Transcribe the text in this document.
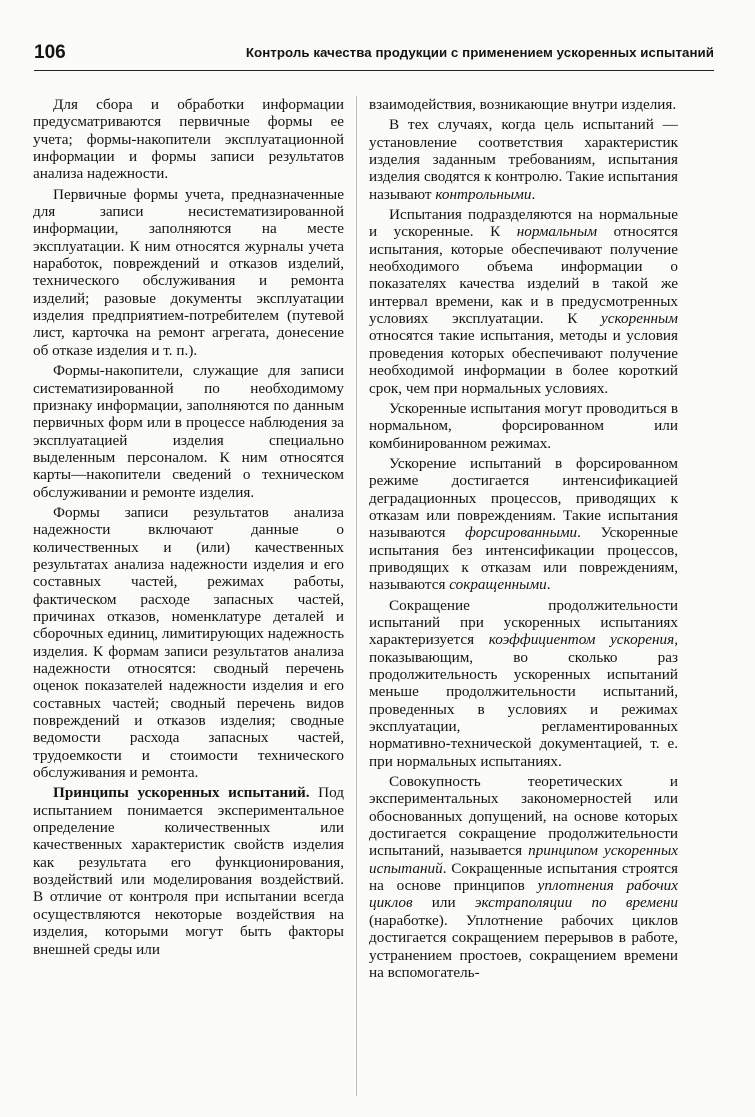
106	Контроль качества продукции с применением ускоренных испытаний

Для сбора и обработки информации предусматриваются первичные формы ее учета; формы-накопители эксплуатационной информации и формы записи результатов анализа надежности.

Первичные формы учета, предназначенные для записи несистематизированной информации, заполняются на месте эксплуатации. К ним относятся журналы учета наработок, повреждений и отказов изделий, технического обслуживания и ремонта изделий; разовые документы эксплуатации изделия предприятием-потребителем (путевой лист, карточка на ремонт агрегата, донесение об отказе изделия и т. п.).

Формы-накопители, служащие для записи систематизированной по необходимому признаку информации, заполняются по данным первичных форм или в процессе наблюдения за эксплуатацией изделия специально выделенным персоналом. К ним относятся карты—накопители сведений о техническом обслуживании и ремонте изделия.

Формы записи результатов анализа надежности включают данные о количественных и (или) качественных результатах анализа надежности изделия и его составных частей, режимах работы, фактическом расходе запасных частей, причинах отказов, номенклатуре деталей и сборочных единиц, лимитирующих надежность изделия. К формам записи результатов анализа надежности относятся: сводный перечень оценок показателей надежности изделия и его составных частей; сводный перечень видов повреждений и отказов изделия; сводные ведомости расхода запасных частей, трудоемкости и стоимости технического обслуживания и ремонта.

Принципы ускоренных испытаний. Под испытанием понимается экспериментальное определение количественных или качественных характеристик свойств изделия как результата его функционирования, воздействий или моделирования воздействий. В отличие от контроля при испытании всегда осуществляются некоторые воздействия на изделия, которыми могут быть факторы внешней среды или

взаимодействия, возникающие внутри изделия.

В тех случаях, когда цель испытаний — установление соответствия характеристик изделия заданным требованиям, испытания изделия сводятся к контролю. Такие испытания называют контрольными.

Испытания подразделяются на нормальные и ускоренные. К нормальным относятся испытания, которые обеспечивают получение необходимого объема информации о показателях качества изделий в такой же интервал времени, как и в предусмотренных условиях эксплуатации. К ускоренным относятся такие испытания, методы и условия проведения которых обеспечивают получение необходимой информации в более короткий срок, чем при нормальных условиях.

Ускоренные испытания могут проводиться в нормальном, форсированном или комбинированном режимах.

Ускорение испытаний в форсированном режиме достигается интенсификацией деградационных процессов, приводящих к отказам или повреждениям. Такие испытания называются форсированными. Ускоренные испытания без интенсификации процессов, приводящих к отказам или повреждениям, называются сокращенными.

Сокращение продолжительности испытаний при ускоренных испытаниях характеризуется коэффициентом ускорения, показывающим, во сколько раз продолжительность ускоренных испытаний меньше продолжительности испытаний, проведенных в условиях и режимах эксплуатации, регламентированных нормативно-технической документацией, т. е. при нормальных испытаниях.

Совокупность теоретических и экспериментальных закономерностей или обоснованных допущений, на основе которых достигается сокращение продолжительности испытаний, называется принципом ускоренных испытаний. Сокращенные испытания строятся на основе принципов уплотнения рабочих циклов или экстраполяции по времени (наработке). Уплотнение рабочих циклов достигается сокращением перерывов в работе, устранением простоев, сокращением времени на вспомогатель-
